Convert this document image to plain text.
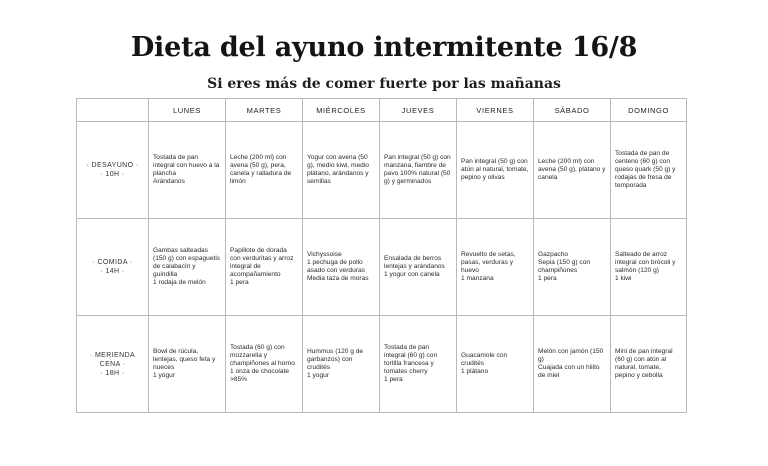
Dieta del ayuno intermitente 16/8
Si eres más de comer fuerte por las mañanas
	LUNES	MARTES	MIÉRCOLES	JUEVES	VIERNES	SÁBADO	DOMINGO
· DESAYUNO ·
· 10H ·	Tostada de pan integral con huevo a la plancha
Arándanos	Leche (200 ml) con avena (50 g), pera, canela y ralladura de limón	Yogur con avena (50 g), medio kiwi, medio plátano, arándanos y semillas	Pan integral (50 g) con manzana, fiambre de pavo 100% natural (50 g) y germinados	Pan integral (50 g) con atún al natural, tomate, pepino y olivas	Leche (200 ml) con avena (50 g), plátano y canela	Tostada de pan de centeno (60 g) con queso quark (50 g) y rodajas de fresa de temporada
· COMIDA ·
· 14H ·	Gambas salteadas (150 g) con espaguetis de calabacín y guindilla
1 rodaja de melón	Papillote de dorada con verduritas y arroz integral de acompañamiento
1 pera	Vichyssoise
1 pechuga de pollo asado con verduras
Media taza de moras	Ensalada de berros lentejas y arándanos
1 yogur con canela	Revuelto de setas, pasas, verduras y huevo
1 manzana	Gazpacho
Sepia (150 g) con champiñones
1 pera	Salteado de arroz integral con brócoli y salmón (120 g)
1 kiwi
· MERIENDA
CENA ·
· 18H ·	Bowl de rúcula, lentejas, queso feta y nueces
1 yogur	Tostada (60 g) con mozzarella y champiñones al horno
1 onza de chocolate >85%	Hummus (120 g de garbanzos) con crudités
1 yogur	Tostada de pan integral (60 g) con tortilla francesa y tomates cherry
1 pera	Guacamole con crudités
1 plátano	Melón con jamón (150 g)
Cuajada con un hilito de miel	Mini de pan integral (60 g) con atún al natural, tomate, pepino y cebolla
